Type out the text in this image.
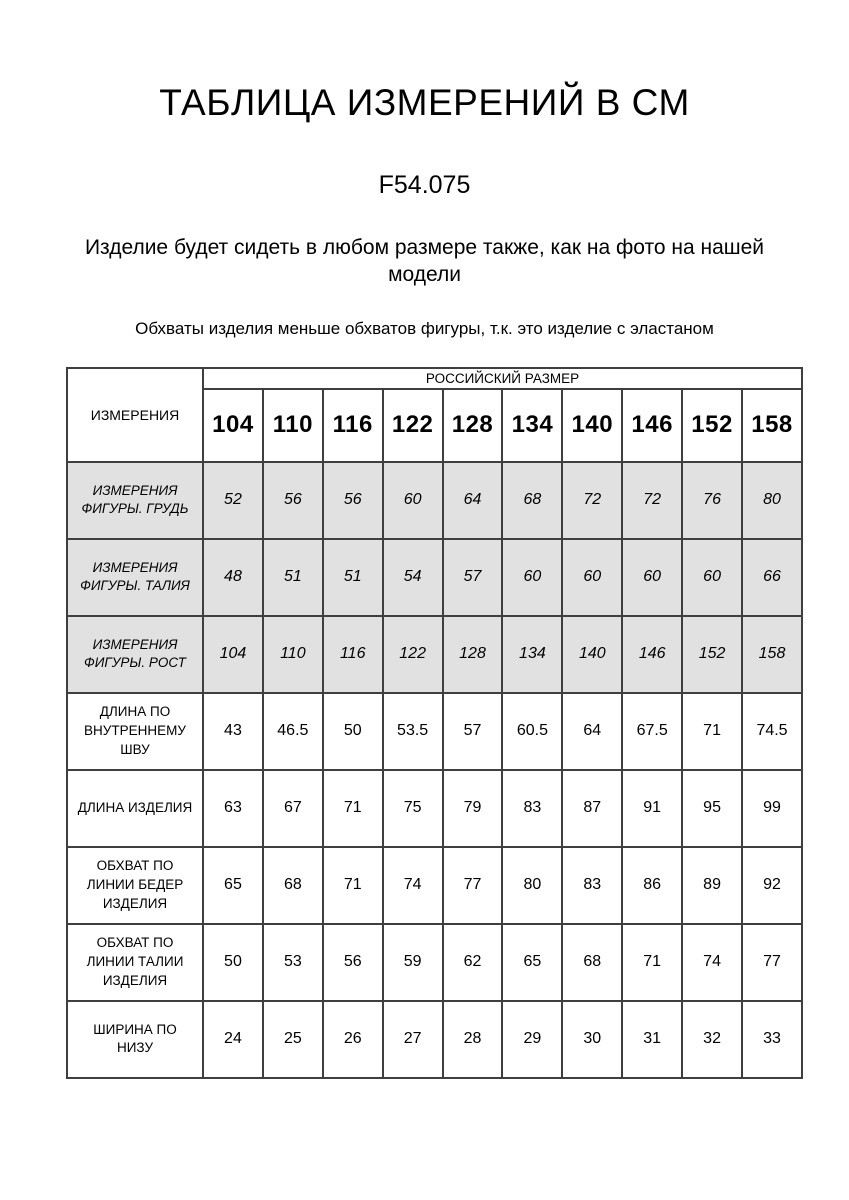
ТАБЛИЦА ИЗМЕРЕНИЙ В СМ
F54.075
Изделие будет сидеть в любом размере также, как на фото на нашей модели
Обхваты изделия меньше обхватов фигуры, т.к. это изделие с эластаном
ИЗМЕРЕНИЯ	РОССИЙСКИЙ РАЗМЕР									
	104	110	116	122	128	134	140	146	152	158
ИЗМЕРЕНИЯ ФИГУРЫ. ГРУДЬ	52	56	56	60	64	68	72	72	76	80
ИЗМЕРЕНИЯ ФИГУРЫ. ТАЛИЯ	48	51	51	54	57	60	60	60	60	66
ИЗМЕРЕНИЯ ФИГУРЫ. РОСТ	104	110	116	122	128	134	140	146	152	158
ДЛИНА ПО ВНУТРЕННЕМУ ШВУ	43	46.5	50	53.5	57	60.5	64	67.5	71	74.5
ДЛИНА ИЗДЕЛИЯ	63	67	71	75	79	83	87	91	95	99
ОБХВАТ ПО ЛИНИИ БЕДЕР ИЗДЕЛИЯ	65	68	71	74	77	80	83	86	89	92
ОБХВАТ ПО ЛИНИИ ТАЛИИ ИЗДЕЛИЯ	50	53	56	59	62	65	68	71	74	77
ШИРИНА ПО НИЗУ	24	25	26	27	28	29	30	31	32	33
